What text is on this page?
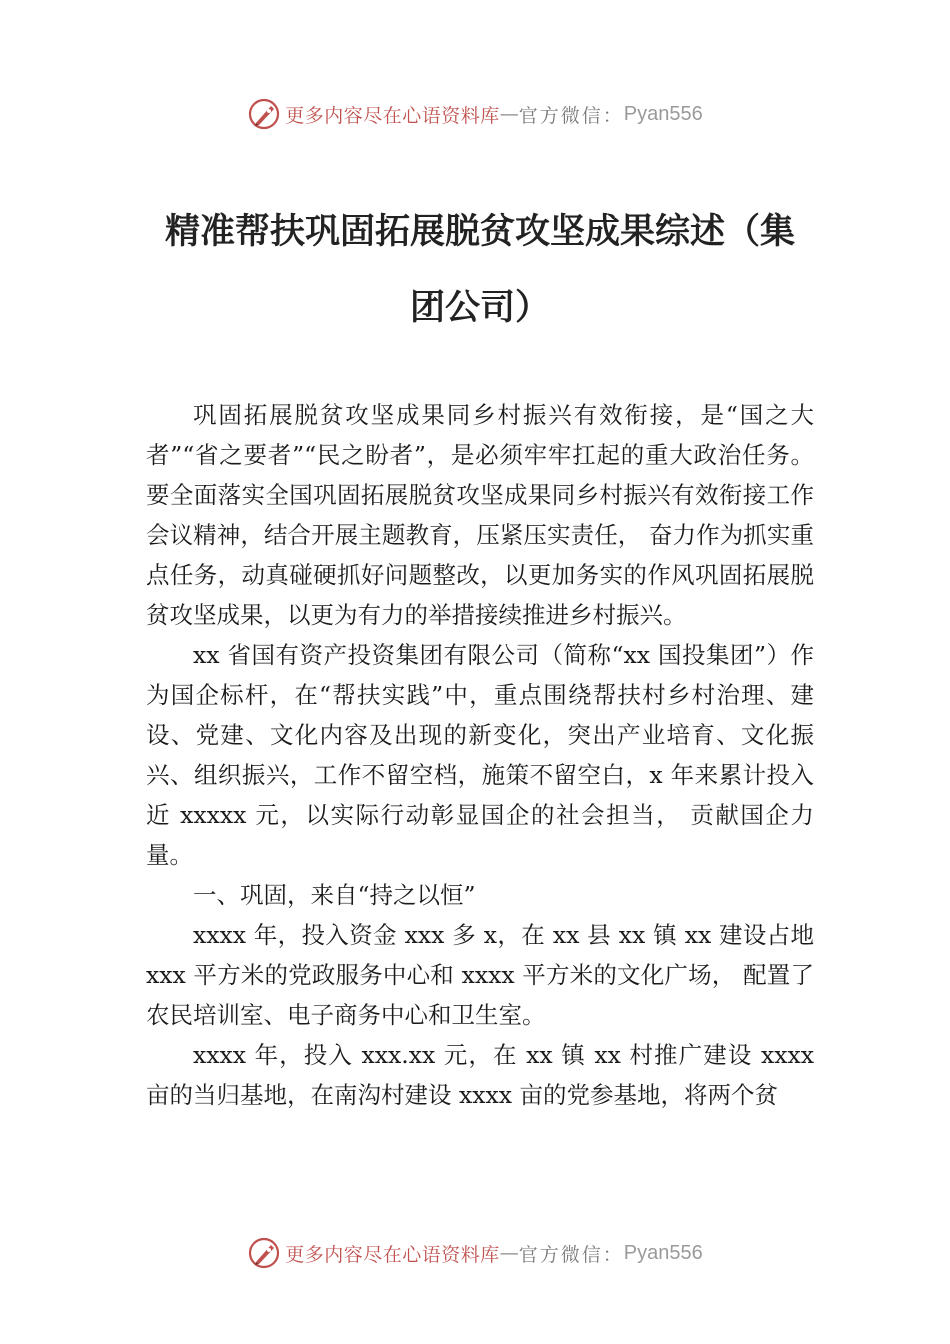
更多内容尽在心语资料库 — 官方微信： Pyan556
精准帮扶巩固拓展脱贫攻坚成果综述（集
团公司）

巩固拓展脱贫攻坚成果同乡村振兴有效衔接，是“国之大者”“省之要者”“民之盼者”，是必须牢牢扛起的重大政治任务。要全面落实全国巩固拓展脱贫攻坚成果同乡村振兴有效衔接工作会议精神，结合开展主题教育，压紧压实责任， 奋力作为抓实重点任务，动真碰硬抓好问题整改，以更加务实的作风巩固拓展脱贫攻坚成果，以更为有力的举措接续推进乡村振兴。

xx 省国有资产投资集团有限公司（简称“xx 国投集团”）作为国企标杆，在“帮扶实践”中，重点围绕帮扶村乡村治理、建设、党建、文化内容及出现的新变化，突出产业培育、文化振兴、组织振兴，工作不留空档，施策不留空白，x 年来累计投入近 xxxxx 元，以实际行动彰显国企的社会担当， 贡献国企力量。

一、巩固，来自“持之以恒”

xxxx 年，投入资金 xxx 多 x，在 xx 县 xx 镇 xx 建设占地 xxx 平方米的党政服务中心和 xxxx 平方米的文化广场， 配置了农民培训室、电子商务中心和卫生室。

xxxx 年，投入 xxx.xx 元，在 xx 镇 xx 村推广建设 xxxx 亩的当归基地，在南沟村建设 xxxx 亩的党参基地，将两个贫

更多内容尽在心语资料库 — 官方微信： Pyan556
